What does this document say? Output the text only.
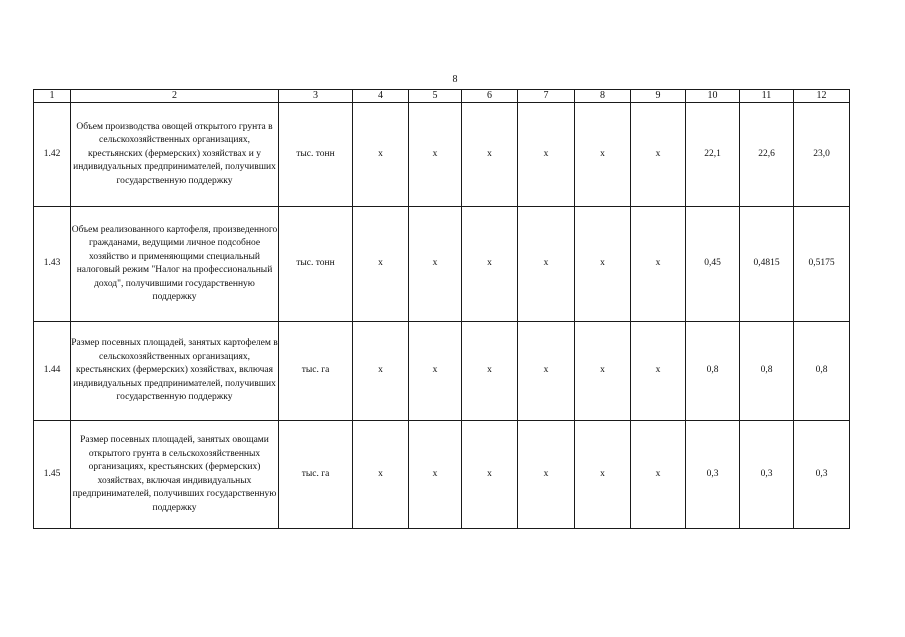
8
1	2	3	4	5	6	7	8	9	10	11	12
1.42	Объем производства овощей открытого грунта в сельскохозяйственных организациях, крестьянских (фермерских) хозяйствах и у индивидуальных предпринимателей, получивших государственную поддержку	тыс. тонн	x	x	x	x	x	x	22,1	22,6	23,0
1.43	Объем реализованного картофеля, произведенного гражданами, ведущими личное подсобное хозяйство и применяющими специальный налоговый режим "Налог на профессиональный доход", получившими государственную поддержку	тыс. тонн	x	x	x	x	x	x	0,45	0,4815	0,5175
1.44	Размер посевных площадей, занятых картофелем в сельскохозяйственных организациях, крестьянских (фермерских) хозяйствах, включая индивидуальных предпринимателей, получивших государственную поддержку	тыс. га	x	x	x	x	x	x	0,8	0,8	0,8
1.45	Размер посевных площадей, занятых овощами открытого грунта в сельскохозяйственных организациях, крестьянских (фермерских) хозяйствах, включая индивидуальных предпринимателей, получивших государственную поддержку	тыс. га	x	x	x	x	x	x	0,3	0,3	0,3
